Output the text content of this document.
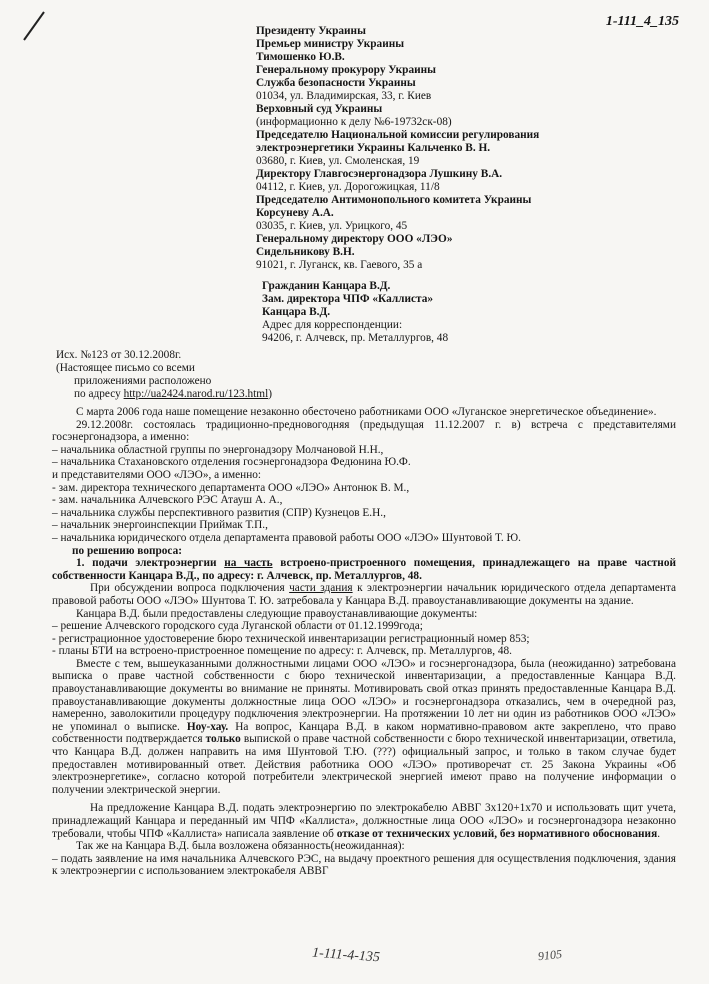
1-111_4_135
Президенту Украины
Премьер министру Украины
Тимошенко Ю.В.
Генеральному прокурору Украины
Служба безопасности Украины
01034, ул. Владимирская, 33, г. Киев
Верховный суд Украины
(информационно к делу №6-19732ск-08)
Председателю Национальной комиссии регулирования
электроэнергетики Украины Кальченко В. Н.
03680, г. Киев, ул. Смоленская, 19
Директору Главгосэнергонадзора Лушкину В.А.
04112, г. Киев, ул. Дорогожицкая, 11/8
Председателю Антимонопольного комитета Украины
Корсуневу А.А.
03035, г. Киев, ул. Урицкого, 45
Генеральному директору ООО «ЛЭО»
Сидельникову В.Н.
91021, г. Луганск, кв. Гаевого, 35 а
Гражданин Канцара В.Д.
Зам. директора ЧПФ «Каллиста»
Канцара В.Д.
Адрес для корреспонденции:
94206, г. Алчевск, пр. Металлургов, 48
Исх. №123 от 30.12.2008г.
(Настоящее письмо со всеми
приложениями расположено
по адресу http://ua2424.narod.ru/123.html)

С марта 2006 года наше помещение незаконно обесточено работниками ООО «Луганское энергетическое объединение».

29.12.2008г. состоялась традиционно-предновогодняя (предыдущая 11.12.2007 г. в) встреча с представителями госэнергонадзора, а именно:

– начальника областной группы по энергонадзору Молчановой Н.Н.,

– начальника Стахановского отделения госэнергонадзора Федюнина Ю.Ф.

и представителями ООО «ЛЭО», а именно:

- зам. директора технического департамента ООО «ЛЭО» Антонюк В. М.,

- зам. начальника Алчевского РЭС Атауш А. А.,

– начальника службы перспективного развития (СПР) Кузнецов Е.Н.,

– начальник энергоинспекции Приймак Т.П.,

– начальника юридического отдела департамента правовой работы ООО «ЛЭО» Шунтовой Т. Ю.

по решению вопроса:

1. подачи электроэнергии на часть встроено-пристроенного помещения, принадлежащего на праве частной собственности Канцара В.Д., по адресу: г. Алчевск, пр. Металлургов, 48.

При обсуждении вопроса подключения части здания к электроэнергии начальник юридического отдела департамента правовой работы ООО «ЛЭО» Шунтова Т. Ю. затребовала у Канцара В.Д. правоустанавливающие документы на здание.

Канцара В.Д. были предоставлены следующие правоустанавливающие документы:

– решение Алчевского городского суда Луганской области от 01.12.1999года;

- регистрационное удостоверение бюро технической инвентаризации регистрационный номер 853;

- планы БТИ на встроено-пристроенное помещение по адресу: г. Алчевск, пр. Металлургов, 48.

Вместе с тем, вышеуказанными должностными лицами ООО «ЛЭО» и госэнергонадзора, была (неожиданно) затребована выписка о праве частной собственности с бюро технической инвентаризации, а предоставленные Канцара В.Д. правоустанавливающие документы во внимание не приняты. Мотивировать свой отказ принять предоставленные Канцара В.Д. правоустанавливающие документы должностные лица ООО «ЛЭО» и госэнергонадзора отказались, чем в очередной раз, намеренно, заволокитили процедуру подключения электроэнергии. На протяжении 10 лет ни один из работников ООО «ЛЭО» не упоминал о выписке. Ноу-хау. На вопрос, Канцара В.Д. в каком нормативно-правовом акте закреплено, что право собственности подтверждается только выпиской о праве частной собственности с бюро технической инвентаризации, ответила, что Канцара В.Д. должен направить на имя Шунтовой Т.Ю. (???) официальный запрос, и только в таком случае будет предоставлен мотивированный ответ. Действия работника ООО «ЛЭО» противоречат ст. 25 Закона Украины «Об электроэнергетике», согласно которой потребители электрической энергией имеют право на получение информации о получении электрической энергии.

На предложение Канцара В.Д. подать электроэнергию по электрокабелю АВВГ 3x120+1x70 и использовать щит учета, принадлежащий Канцара и переданный им ЧПФ «Каллиста», должностные лица ООО «ЛЭО» и госэнергонадзора незаконно требовали, чтобы ЧПФ «Каллиста» написала заявление об отказе от технических условий, без нормативного обоснования.

Так же на Канцара В.Д. была возложена обязанность(неожиданная):

– подать заявление на имя начальника Алчевского РЭС, на выдачу проектного решения для осуществления подключения, здания к электроэнергии с использованием электрокабеля АВВГ

1-111-4-135	9105
